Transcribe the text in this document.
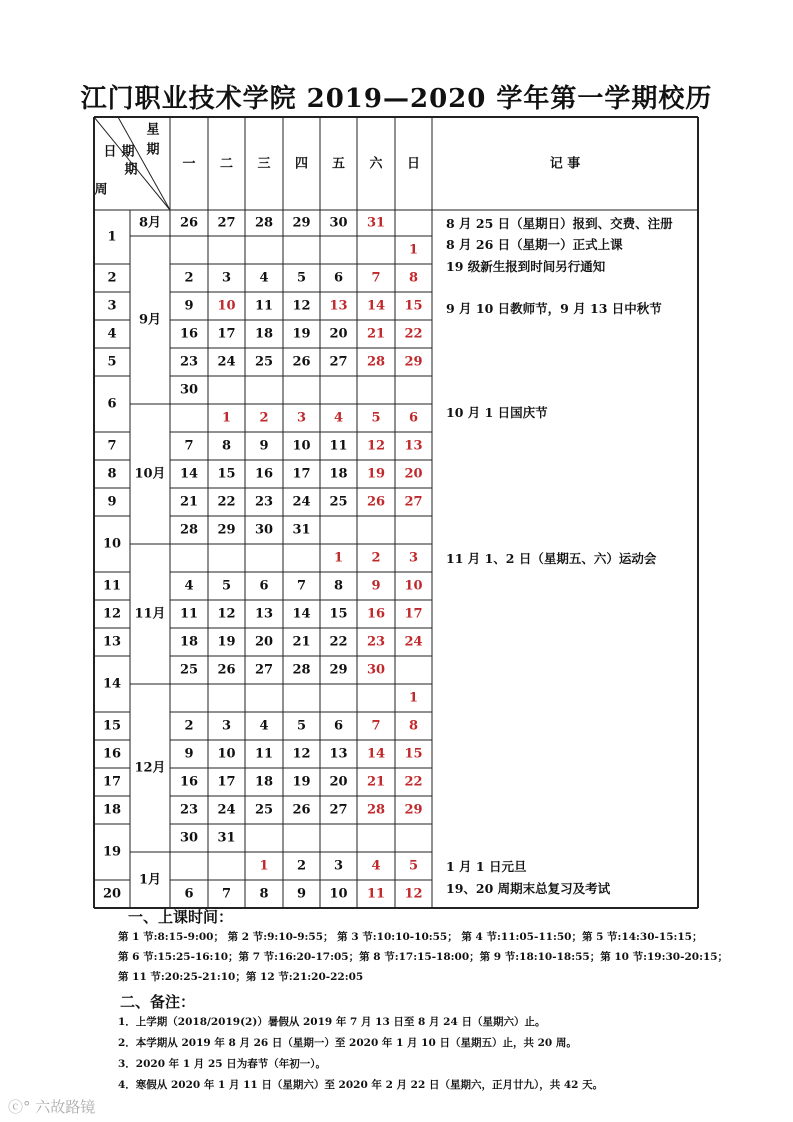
江门职业技术学院 2019—2020 学年第一学期校历
星
期
日 期
期
周
一 二 三 四 五 六 日	记 事
1
2
3
4
5
6
7
8
9
10
11
12
13
14
15
16
17
18
19
20
8月
9月
10月
11月
12月
1月
26 27 28 29 30 31
1
2 3 4 5 6 7 8
9 10 11 12 13 14 15
16 17 18 19 20 21 22
23 24 25 26 27 28 29
30
1 2 3 4 5 6
7 8 9 10 11 12 13
14 15 16 17 18 19 20
21 22 23 24 25 26 27
28 29 30 31
1 2 3
4 5 6 7 8 9 10
11 12 13 14 15 16 17
18 19 20 21 22 23 24
25 26 27 28 29 30
1
2 3 4 5 6 7 8
9 10 11 12 13 14 15
16 17 18 19 20 21 22
23 24 25 26 27 28 29
30 31
1 2 3 4 5
6 7 8 9 10 11 12
8 月 25 日（星期日）报到、交费、注册
8 月 26 日（星期一）正式上课
19 级新生报到时间另行通知
9 月 10 日教师节，9 月 13 日中秋节
10 月 1 日国庆节
11 月 1、2 日（星期五、六）运动会
1 月 1 日元旦
19、20 周期末总复习及考试
一、上课时间：
第 1 节:8:15-9:00； 第 2 节:9:10-9:55； 第 3 节:10:10-10:55； 第 4 节:11:05-11:50；第 5 节:14:30-15:15；
第 6 节:15:25-16:10；第 7 节:16:20-17:05；第 8 节:17:15-18:00；第 9 节:18:10-18:55；第 10 节:19:30-20:15；
第 11 节:20:25-21:10；第 12 节:21:20-22:05
二、备注：
1．上学期（2018/2019(2)）暑假从 2019 年 7 月 13 日至 8 月 24 日（星期六）止。
2．本学期从 2019 年 8 月 26 日（星期一）至 2020 年 1 月 10 日（星期五）止，共 20 周。
3．2020 年 1 月 25 日为春节（年初一）。
4．寒假从 2020 年 1 月 11 日（星期六）至 2020 年 2 月 22 日（星期六，正月廿九），共 42 天。
ⓒ° 六故路镜
